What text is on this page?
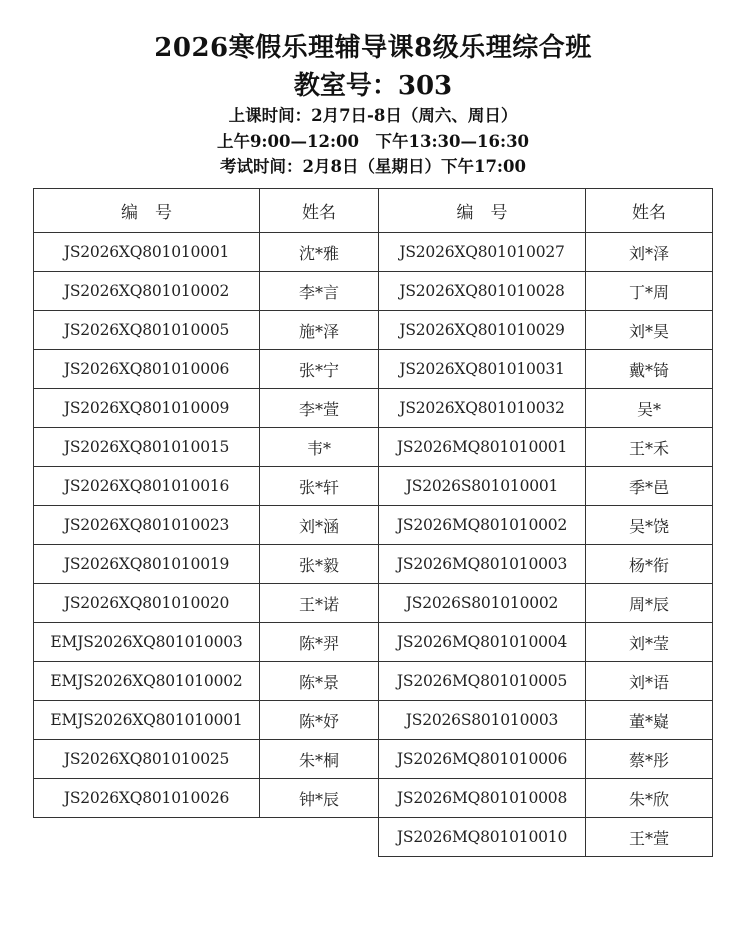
2026寒假乐理辅导课8级乐理综合班
教室号：303
上课时间：2月7日-8日（周六、周日）
上午9:00—12:00　下午13:30—16:30
考试时间：2月8日（星期日）下午17:00
编　号	姓名	编　号	姓名
JS2026XQ801010001	沈*雅	JS2026XQ801010027	刘*泽
JS2026XQ801010002	李*言	JS2026XQ801010028	丁*周
JS2026XQ801010005	施*泽	JS2026XQ801010029	刘*昊
JS2026XQ801010006	张*宁	JS2026XQ801010031	戴*锜
JS2026XQ801010009	李*萱	JS2026XQ801010032	吴*
JS2026XQ801010015	韦*	JS2026MQ801010001	王*禾
JS2026XQ801010016	张*轩	JS2026S801010001	季*邑
JS2026XQ801010023	刘*涵	JS2026MQ801010002	吴*饶
JS2026XQ801010019	张*毅	JS2026MQ801010003	杨*衔
JS2026XQ801010020	王*诺	JS2026S801010002	周*辰
EMJS2026XQ801010003	陈*羿	JS2026MQ801010004	刘*莹
EMJS2026XQ801010002	陈*景	JS2026MQ801010005	刘*语
EMJS2026XQ801010001	陈*妤	JS2026S801010003	董*嶷
JS2026XQ801010025	朱*桐	JS2026MQ801010006	蔡*彤
JS2026XQ801010026	钟*辰	JS2026MQ801010008	朱*欣
		JS2026MQ801010010	王*萱
